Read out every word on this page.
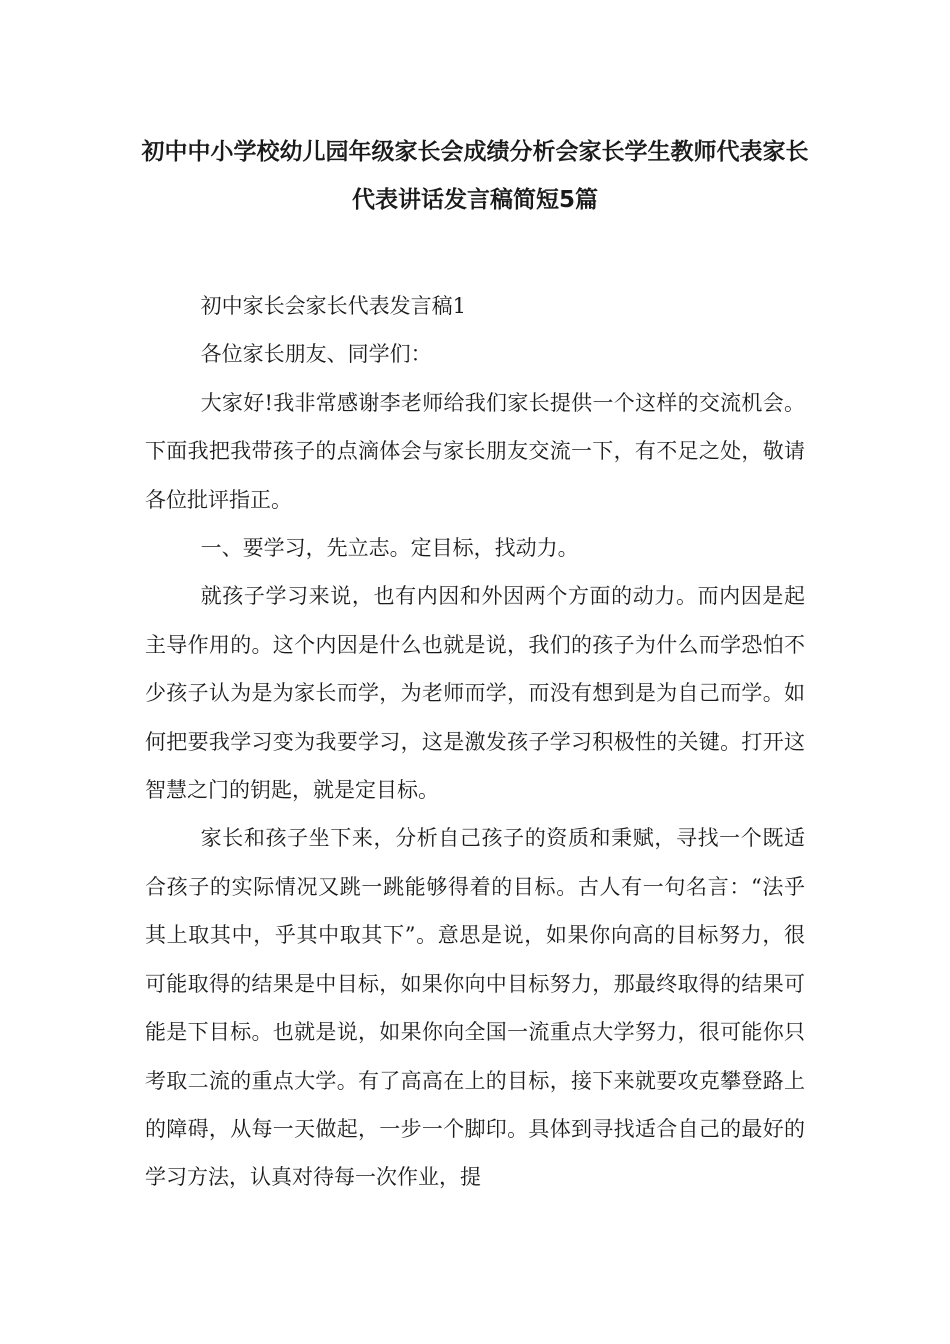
初中中小学校幼儿园年级家长会成绩分析会家长学生教师代表家长
代表讲话发言稿简短5篇

初中家长会家长代表发言稿1

各位家长朋友、同学们：

大家好!我非常感谢李老师给我们家长提供一个这样的交流机会。下面我把我带孩子的点滴体会与家长朋友交流一下，有不足之处，敬请各位批评指正。

一、要学习，先立志。定目标，找动力。

就孩子学习来说，也有内因和外因两个方面的动力。而内因是起主导作用的。这个内因是什么也就是说，我们的孩子为什么而学恐怕不少孩子认为是为家长而学，为老师而学，而没有想到是为自己而学。如何把要我学习变为我要学习，这是激发孩子学习积极性的关键。打开这智慧之门的钥匙，就是定目标。

家长和孩子坐下来，分析自己孩子的资质和秉赋，寻找一个既适合孩子的实际情况又跳一跳能够得着的目标。古人有一句名言：“法乎其上取其中，乎其中取其下”。意思是说，如果你向高的目标努力，很可能取得的结果是中目标，如果你向中目标努力，那最终取得的结果可能是下目标。也就是说，如果你向全国一流重点大学努力，很可能你只考取二流的重点大学。有了高高在上的目标，接下来就要攻克攀登路上的障碍，从每一天做起，一步一个脚印。具体到寻找适合自己的最好的学习方法，认真对待每一次作业，提
